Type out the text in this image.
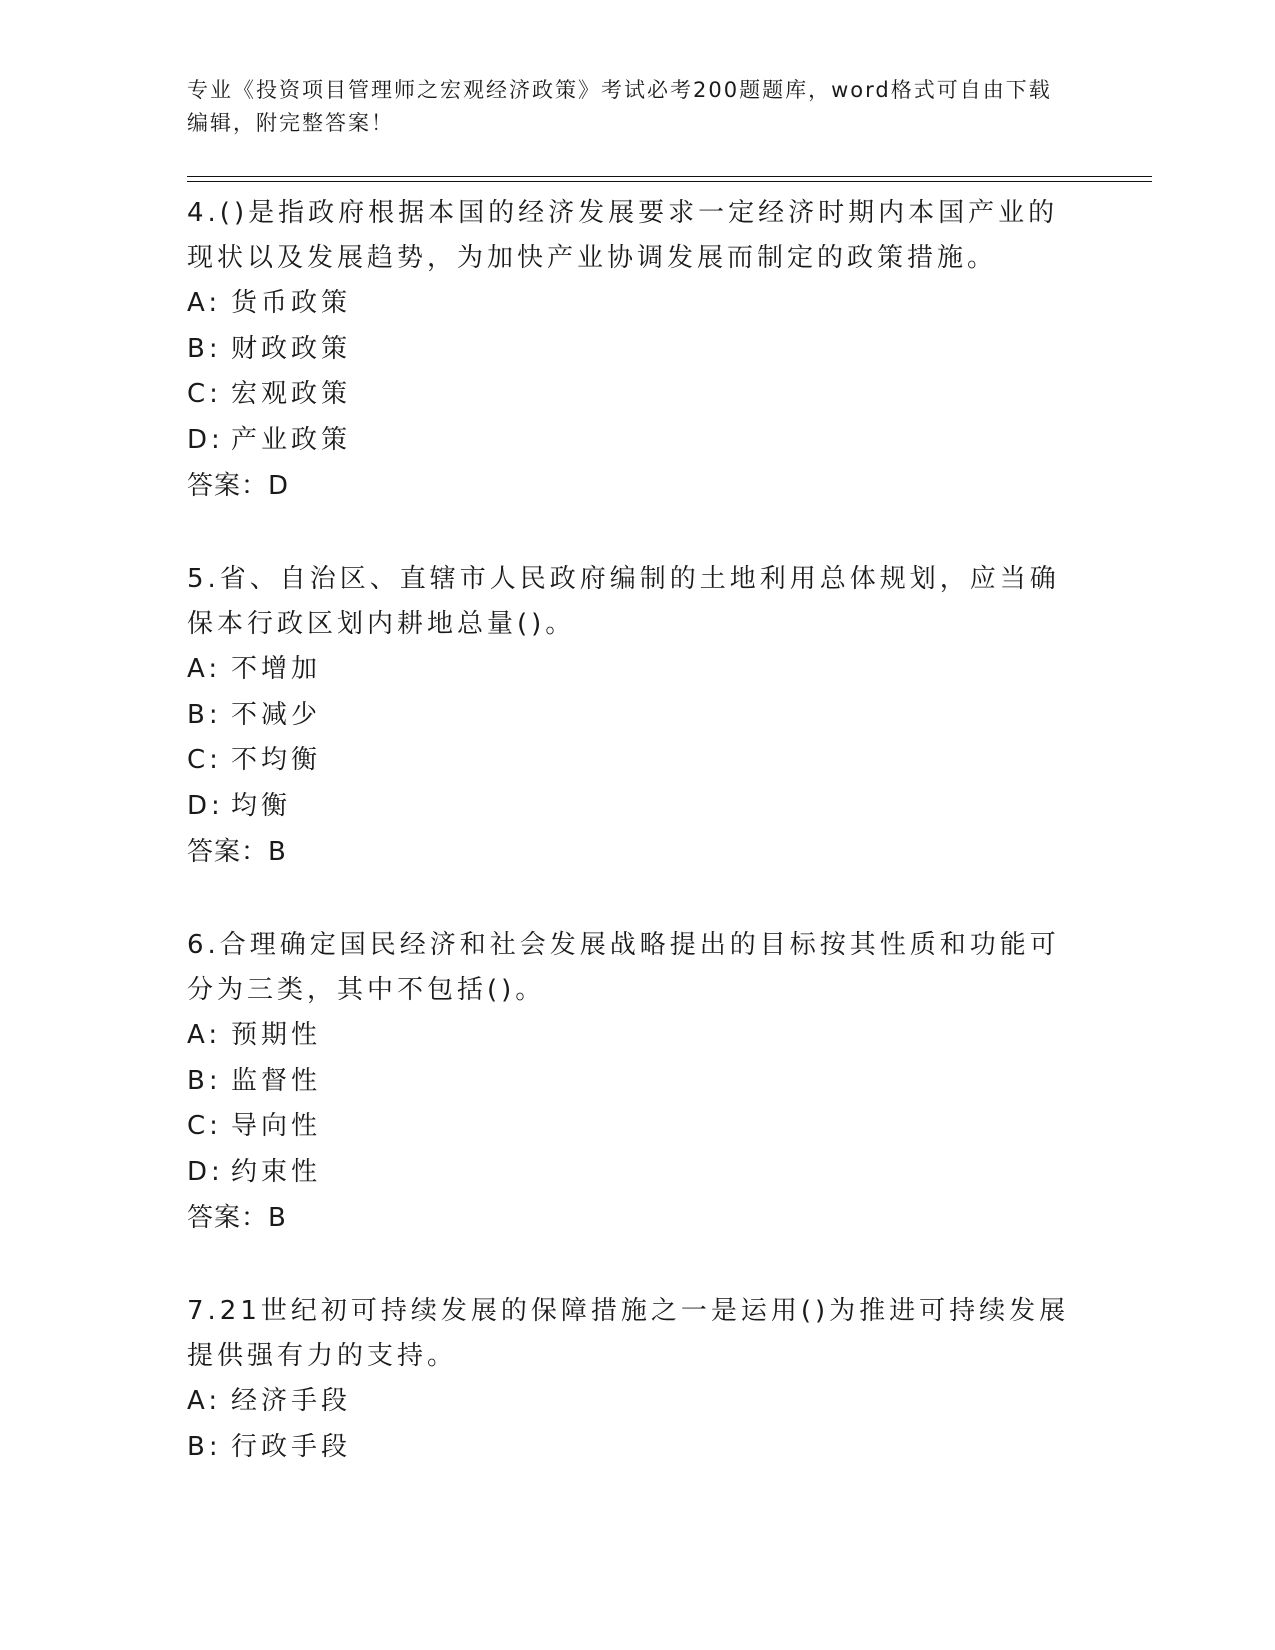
专业《投资项目管理师之宏观经济政策》考试必考200题题库，word格式可自由下载编辑，附完整答案！
4.()是指政府根据本国的经济发展要求一定经济时期内本国产业的现状以及发展趋势，为加快产业协调发展而制定的政策措施。
A: 货币政策
B: 财政政策
C: 宏观政策
D: 产业政策
答案：D
5.省、自治区、直辖市人民政府编制的土地利用总体规划，应当确保本行政区划内耕地总量()。
A: 不增加
B: 不减少
C: 不均衡
D: 均衡
答案：B
6.合理确定国民经济和社会发展战略提出的目标按其性质和功能可分为三类，其中不包括()。
A: 预期性
B: 监督性
C: 导向性
D: 约束性
答案：B
7.21世纪初可持续发展的保障措施之一是运用()为推进可持续发展提供强有力的支持。
A: 经济手段
B: 行政手段
